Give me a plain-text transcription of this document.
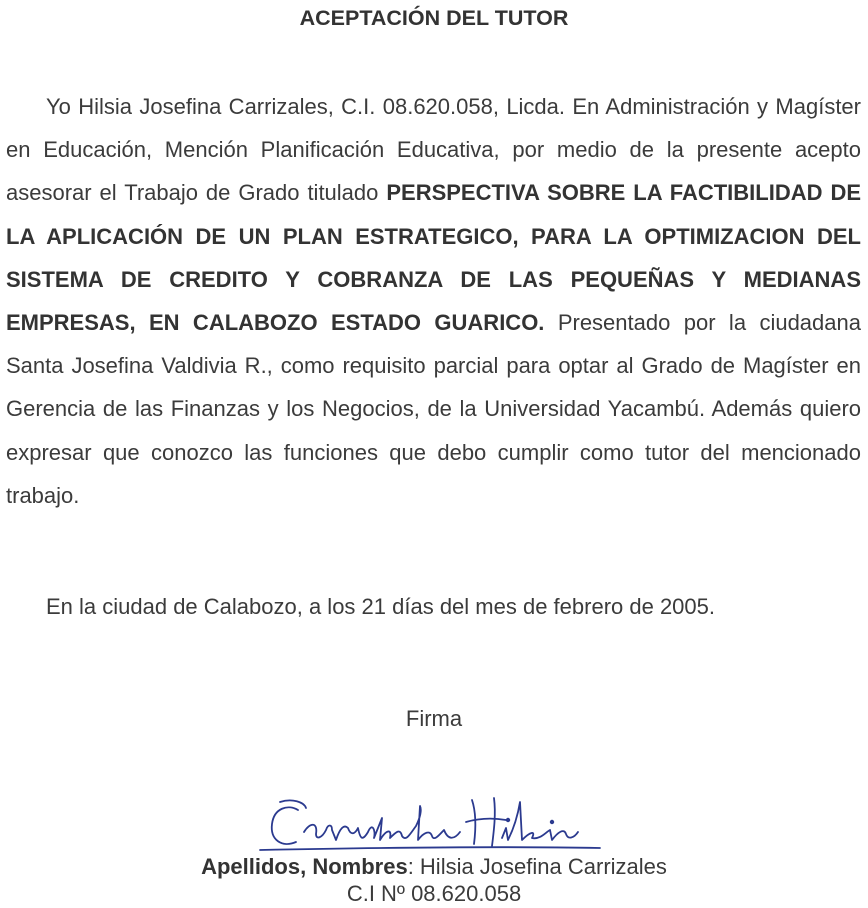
ACEPTACIÓN DEL TUTOR

Yo Hilsia Josefina Carrizales, C.I. 08.620.058, Licda. En Administración y Magíster en Educación, Mención Planificación Educativa, por medio de la presente acepto asesorar el Trabajo de Grado titulado PERSPECTIVA SOBRE LA FACTIBILIDAD DE LA APLICACIÓN DE UN PLAN ESTRATEGICO, PARA LA OPTIMIZACION DEL SISTEMA DE CREDITO Y COBRANZA DE LAS PEQUEÑAS Y MEDIANAS EMPRESAS, EN CALABOZO ESTADO GUARICO. Presentado por la ciudadana Santa Josefina Valdivia R., como requisito parcial para optar al Grado de Magíster en Gerencia de las Finanzas y los Negocios, de la Universidad Yacambú. Además quiero expresar que conozco las funciones que debo cumplir como tutor del mencionado trabajo.

En la ciudad de Calabozo, a los 21 días del mes de febrero de 2005.

Firma
Apellidos, Nombres: Hilsia Josefina Carrizales
C.I Nº 08.620.058
